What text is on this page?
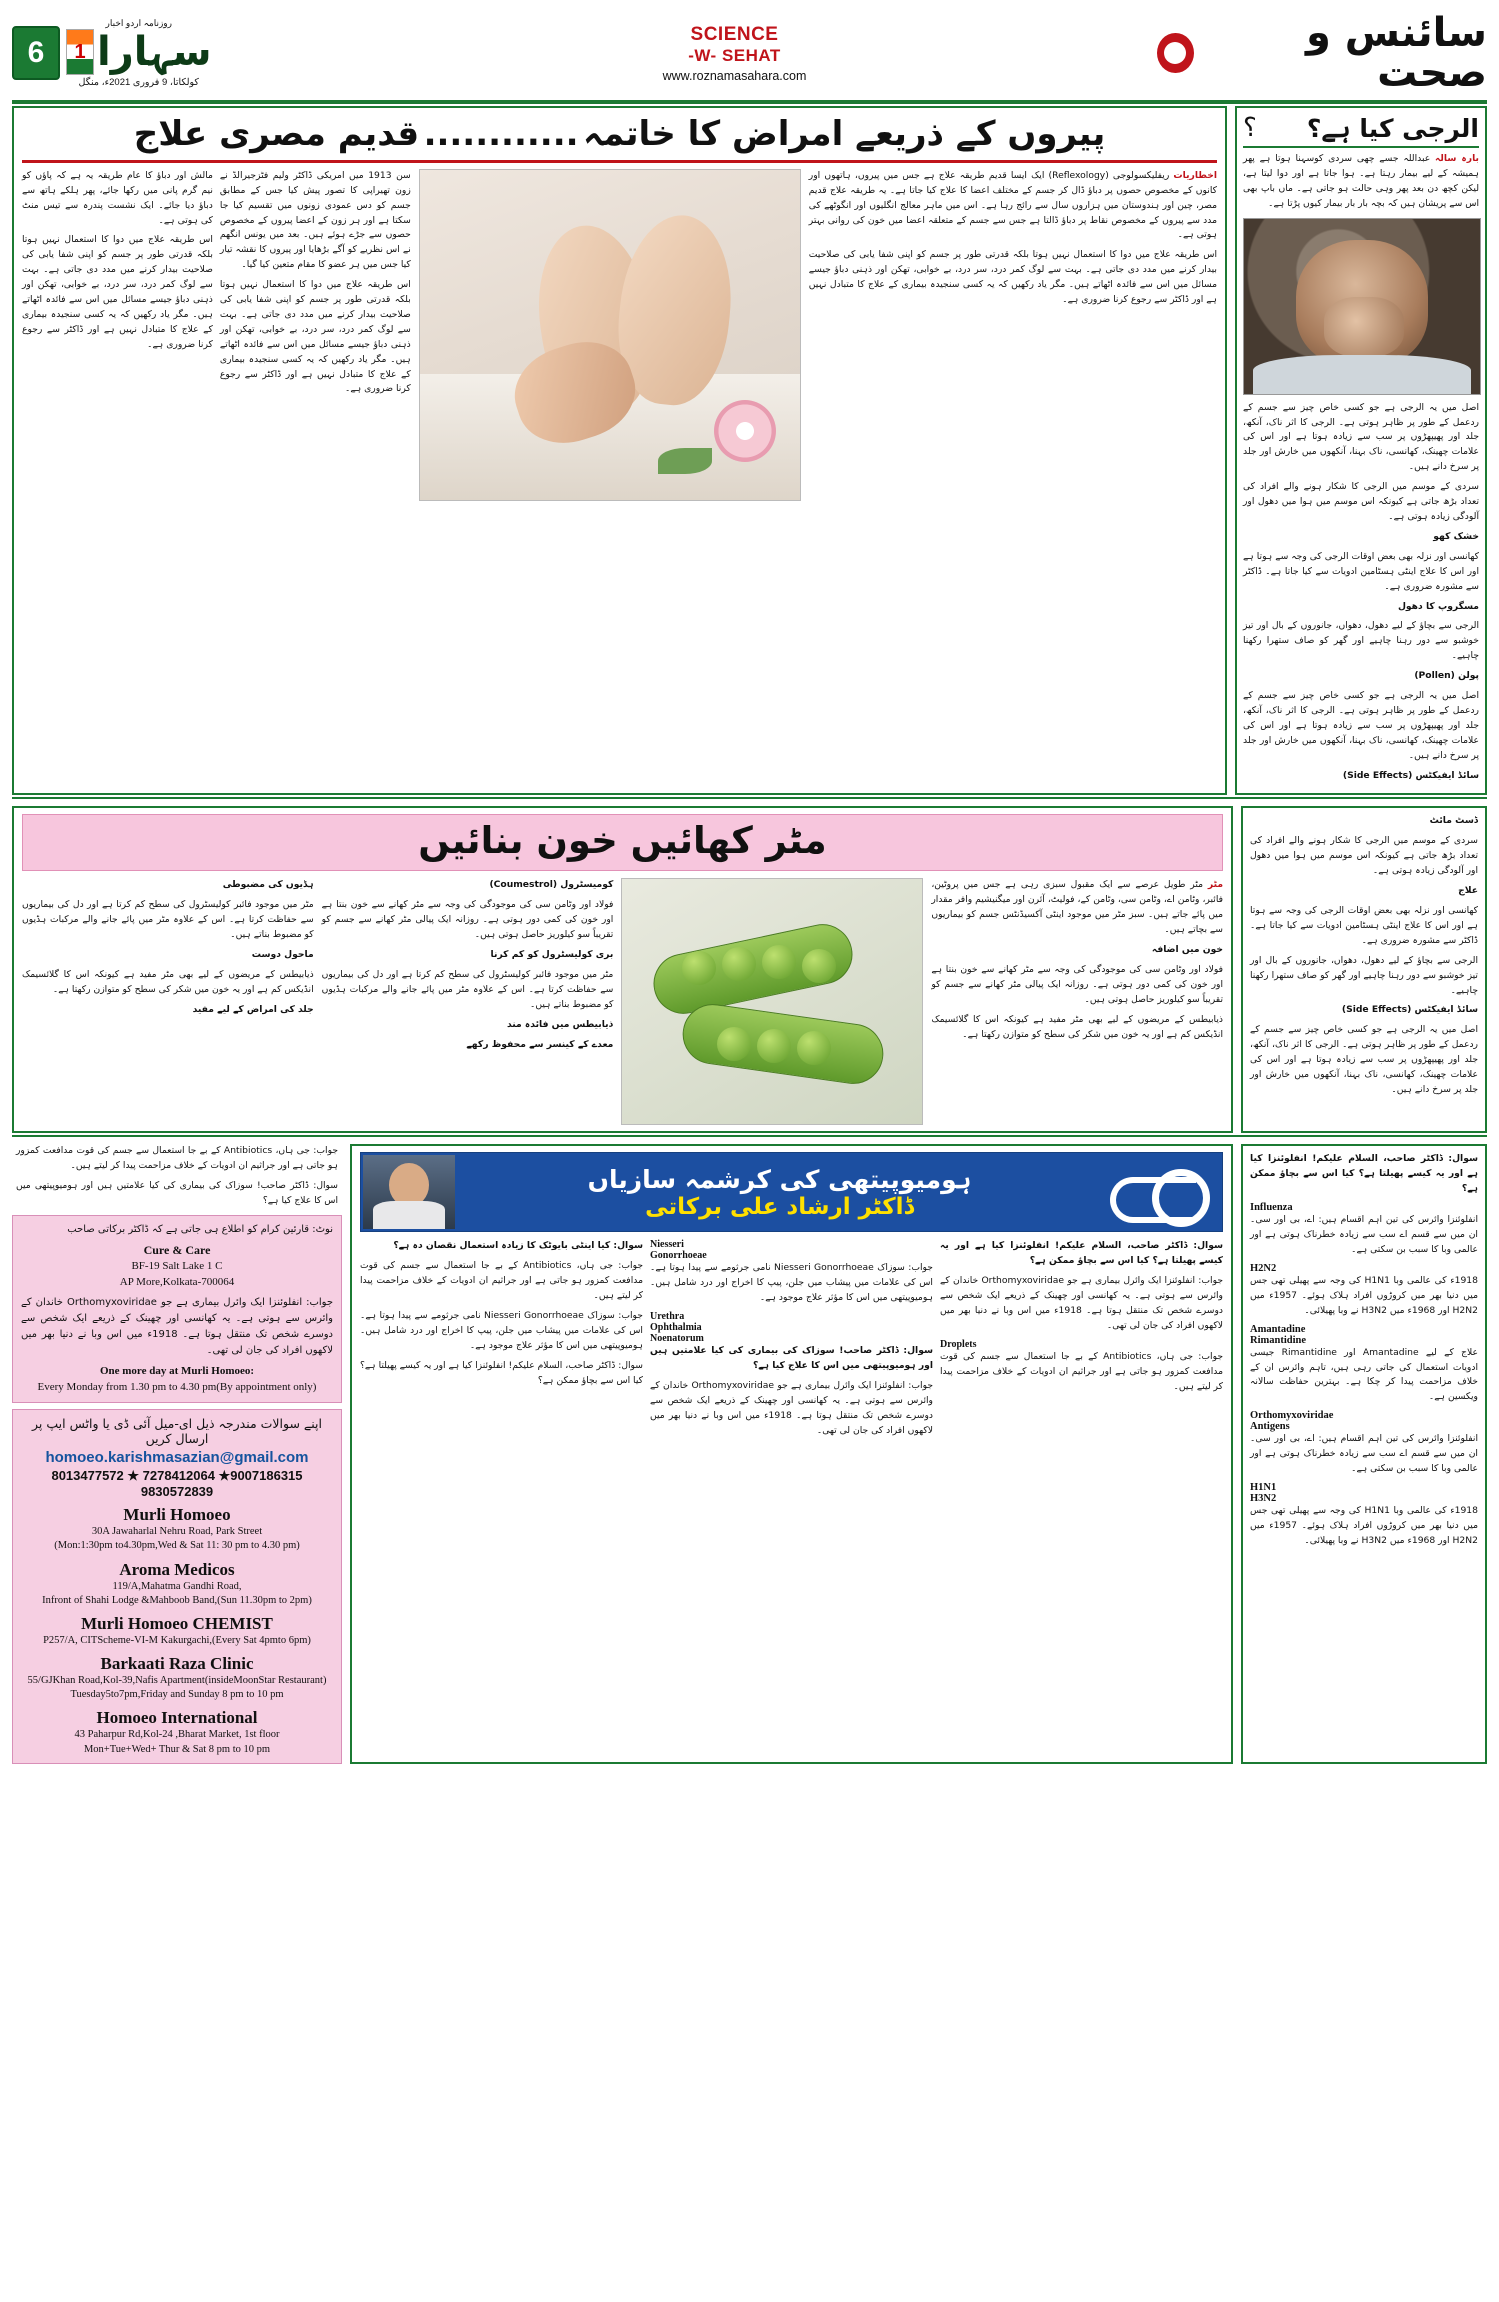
6
روزنامہ اردو اخبار
1 سہارا
کولکاتا، 9 فروری 2021ء، منگل
SCIENCE
-W- SEHAT
www.roznamasahara.com
سائنس و صحت
پیروں کے ذریعے امراض کا خاتمہ ............ قدیم مصری علاج
مالش اور دباؤ کا عام طریقہ یہ ہے کہ پاؤں کو نیم گرم پانی میں رکھا جائے، پھر ہلکے ہاتھ سے دباؤ دیا جائے۔ ایک نشست پندرہ سے تیس منٹ کی ہوتی ہے۔
اس طریقہ علاج میں دوا کا استعمال نہیں ہوتا بلکہ قدرتی طور پر جسم کو اپنی شفا یابی کی صلاحیت بیدار کرنے میں مدد دی جاتی ہے۔ بہت سے لوگ کمر درد، سر درد، بے خوابی، تھکن اور ذہنی دباؤ جیسے مسائل میں اس سے فائدہ اٹھاتے ہیں۔ مگر یاد رکھیں کہ یہ کسی سنجیدہ بیماری کے علاج کا متبادل نہیں ہے اور ڈاکٹر سے رجوع کرنا ضروری ہے۔
سن 1913 میں امریکی ڈاکٹر ولیم فٹزجیرالڈ نے زون تھیراپی کا تصور پیش کیا جس کے مطابق جسم کو دس عمودی زونوں میں تقسیم کیا جا سکتا ہے اور ہر زون کے اعضا پیروں کے مخصوص حصوں سے جڑے ہوئے ہیں۔ بعد میں یونس انگھم نے اس نظریے کو آگے بڑھایا اور پیروں کا نقشہ تیار کیا جس میں ہر عضو کا مقام متعین کیا گیا۔
اس طریقہ علاج میں دوا کا استعمال نہیں ہوتا بلکہ قدرتی طور پر جسم کو اپنی شفا یابی کی صلاحیت بیدار کرنے میں مدد دی جاتی ہے۔ بہت سے لوگ کمر درد، سر درد، بے خوابی، تھکن اور ذہنی دباؤ جیسے مسائل میں اس سے فائدہ اٹھاتے ہیں۔ مگر یاد رکھیں کہ یہ کسی سنجیدہ بیماری کے علاج کا متبادل نہیں ہے اور ڈاکٹر سے رجوع کرنا ضروری ہے۔
اخطاریات ریفلیکسولوجی (Reflexology) ایک ایسا قدیم طریقہ علاج ہے جس میں پیروں، ہاتھوں اور کانوں کے مخصوص حصوں پر دباؤ ڈال کر جسم کے مختلف اعضا کا علاج کیا جاتا ہے۔ یہ طریقہ علاج قدیم مصر، چین اور ہندوستان میں ہزاروں سال سے رائج رہا ہے۔ اس میں ماہر معالج انگلیوں اور انگوٹھے کی مدد سے پیروں کے مخصوص نقاط پر دباؤ ڈالتا ہے جس سے جسم کے متعلقہ اعضا میں خون کی روانی بہتر ہوتی ہے۔
اس طریقہ علاج میں دوا کا استعمال نہیں ہوتا بلکہ قدرتی طور پر جسم کو اپنی شفا یابی کی صلاحیت بیدار کرنے میں مدد دی جاتی ہے۔ بہت سے لوگ کمر درد، سر درد، بے خوابی، تھکن اور ذہنی دباؤ جیسے مسائل میں اس سے فائدہ اٹھاتے ہیں۔ مگر یاد رکھیں کہ یہ کسی سنجیدہ بیماری کے علاج کا متبادل نہیں ہے اور ڈاکٹر سے رجوع کرنا ضروری ہے۔
؟ الرجی کیا ہے؟
بارہ سالہ عبداللہ جسے چھی سردی کوسہنا ہوتا ہے پھر ہمیشہ کے لیے بیمار رہتا ہے۔ ہوا جاتا ہے اور دوا لیتا ہے، لیکن کچھ دن بعد پھر وہی حالت ہو جاتی ہے۔ ماں باپ بھی اس سے پریشان ہیں کہ بچہ بار بار بیمار کیوں پڑتا ہے۔
اصل میں یہ الرجی ہے جو کسی خاص چیز سے جسم کے ردعمل کے طور پر ظاہر ہوتی ہے۔ الرجی کا اثر ناک، آنکھ، جلد اور پھیپھڑوں پر سب سے زیادہ ہوتا ہے اور اس کی علامات چھینک، کھانسی، ناک بہنا، آنکھوں میں خارش اور جلد پر سرخ دانے ہیں۔
سردی کے موسم میں الرجی کا شکار ہونے والے افراد کی تعداد بڑھ جاتی ہے کیونکہ اس موسم میں ہوا میں دھول اور آلودگی زیادہ ہوتی ہے۔
خشک کھو
کھانسی اور نزلہ بھی بعض اوقات الرجی کی وجہ سے ہوتا ہے اور اس کا علاج اینٹی ہسٹامین ادویات سے کیا جاتا ہے۔ ڈاکٹر سے مشورہ ضروری ہے۔
مسگروپ کا دھول
الرجی سے بچاؤ کے لیے دھول، دھواں، جانوروں کے بال اور تیز خوشبو سے دور رہنا چاہیے اور گھر کو صاف ستھرا رکھنا چاہیے۔
پولن (Pollen)
اصل میں یہ الرجی ہے جو کسی خاص چیز سے جسم کے ردعمل کے طور پر ظاہر ہوتی ہے۔ الرجی کا اثر ناک، آنکھ، جلد اور پھیپھڑوں پر سب سے زیادہ ہوتا ہے اور اس کی علامات چھینک، کھانسی، ناک بہنا، آنکھوں میں خارش اور جلد پر سرخ دانے ہیں۔
سائڈ ایفیکٹس (Side Effects)
مٹر کھائیں خون بنائیں
ہڈیوں کی مضبوطی
مٹر میں موجود فائبر کولیسٹرول کی سطح کم کرتا ہے اور دل کی بیماریوں سے حفاظت کرتا ہے۔ اس کے علاوہ مٹر میں پائے جانے والے مرکبات ہڈیوں کو مضبوط بناتے ہیں۔
ماحول دوست
ذیابیطس کے مریضوں کے لیے بھی مٹر مفید ہے کیونکہ اس کا گلائسیمک انڈیکس کم ہے اور یہ خون میں شکر کی سطح کو متوازن رکھتا ہے۔
جلد کی امراض کے لیے مفید
کومیسٹرول (Coumestrol)
فولاد اور وٹامن سی کی موجودگی کی وجہ سے مٹر کھانے سے خون بنتا ہے اور خون کی کمی دور ہوتی ہے۔ روزانہ ایک پیالی مٹر کھانے سے جسم کو تقریباً سو کیلوریز حاصل ہوتی ہیں۔
بری کولیسٹرول کو کم کرنا
مٹر میں موجود فائبر کولیسٹرول کی سطح کم کرتا ہے اور دل کی بیماریوں سے حفاظت کرتا ہے۔ اس کے علاوہ مٹر میں پائے جانے والے مرکبات ہڈیوں کو مضبوط بناتے ہیں۔
ذیابیطس میں فائدہ مند
معدے کے کینسر سے محفوظ رکھے
مٹر مٹر طویل عرصے سے ایک مقبول سبزی رہی ہے جس میں پروٹین، فائبر، وٹامن اے، وٹامن سی، وٹامن کے، فولیٹ، آئرن اور میگنیشیم وافر مقدار میں پائے جاتے ہیں۔ سبز مٹر میں موجود اینٹی آکسیڈنٹس جسم کو بیماریوں سے بچاتے ہیں۔
خون میں اضافہ
فولاد اور وٹامن سی کی موجودگی کی وجہ سے مٹر کھانے سے خون بنتا ہے اور خون کی کمی دور ہوتی ہے۔ روزانہ ایک پیالی مٹر کھانے سے جسم کو تقریباً سو کیلوریز حاصل ہوتی ہیں۔
ذیابیطس کے مریضوں کے لیے بھی مٹر مفید ہے کیونکہ اس کا گلائسیمک انڈیکس کم ہے اور یہ خون میں شکر کی سطح کو متوازن رکھتا ہے۔
ڈسٹ مائٹ
سردی کے موسم میں الرجی کا شکار ہونے والے افراد کی تعداد بڑھ جاتی ہے کیونکہ اس موسم میں ہوا میں دھول اور آلودگی زیادہ ہوتی ہے۔
علاج
کھانسی اور نزلہ بھی بعض اوقات الرجی کی وجہ سے ہوتا ہے اور اس کا علاج اینٹی ہسٹامین ادویات سے کیا جاتا ہے۔ ڈاکٹر سے مشورہ ضروری ہے۔
الرجی سے بچاؤ کے لیے دھول، دھواں، جانوروں کے بال اور تیز خوشبو سے دور رہنا چاہیے اور گھر کو صاف ستھرا رکھنا چاہیے۔
سائڈ ایفیکٹس (Side Effects)
اصل میں یہ الرجی ہے جو کسی خاص چیز سے جسم کے ردعمل کے طور پر ظاہر ہوتی ہے۔ الرجی کا اثر ناک، آنکھ، جلد اور پھیپھڑوں پر سب سے زیادہ ہوتا ہے اور اس کی علامات چھینک، کھانسی، ناک بہنا، آنکھوں میں خارش اور جلد پر سرخ دانے ہیں۔
جواب: جی ہاں، Antibiotics کے بے جا استعمال سے جسم کی قوت مدافعت کمزور ہو جاتی ہے اور جراثیم ان ادویات کے خلاف مزاحمت پیدا کر لیتے ہیں۔
سوال: ڈاکٹر صاحب! سوزاک کی بیماری کی کیا علامتیں ہیں اور ہومیوپیتھی میں اس کا علاج کیا ہے؟
نوٹ: قارئین کرام کو اطلاع ہی جاتی ہے کہ ڈاکٹر برکاتی صاحب
Cure & Care
BF-19 Salt Lake 1 C
AP More,Kolkata-700064
جواب: انفلوئنزا ایک وائرل بیماری ہے جو Orthomyxoviridae خاندان کے وائرس سے ہوتی ہے۔ یہ کھانسی اور چھینک کے ذریعے ایک شخص سے دوسرے شخص تک منتقل ہوتا ہے۔ 1918ء میں اس وبا نے دنیا بھر میں لاکھوں افراد کی جان لی تھی۔
One more day at Murli Homoeo:
Every Monday from 1.30 pm to 4.30 pm(By appointment only)
اپنے سوالات مندرجہ ذیل ای-میل آئی ڈی یا واٹس ایپ پر ارسال کریں
homoeo.karishmasazian@gmail.com
8013477572 ★ 7278412064 ★9007186315 9830572839
Murli Homoeo
30A Jawaharlal Nehru Road, Park Street
(Mon:1:30pm to4.30pm,Wed & Sat 11: 30 pm to 4.30 pm)
Aroma Medicos
119/A,Mahatma Gandhi Road,
Infront of Shahi Lodge &Mahboob Band,(Sun 11.30pm to 2pm)
Murli Homoeo CHEMIST
P257/A, CITScheme-VI-M Kakurgachi,(Every Sat 4pmto 6pm)
Barkaati Raza Clinic
55/GJKhan Road,Kol-39,Nafis Apartment(insideMoonStar Restaurant)
Tuesday5to7pm,Friday and Sunday 8 pm to 10 pm
Homoeo International
43 Paharpur Rd,Kol-24 ,Bharat Market, 1st floor
Mon+Tue+Wed+ Thur & Sat 8 pm to 10 pm
ہومیوپیتھی کی کرشمہ سازیاں
ڈاکٹر ارشاد علی برکاتی
سوال: کیا اینٹی بایوٹک کا زیادہ استعمال نقصان دہ ہے؟
جواب: جی ہاں، Antibiotics کے بے جا استعمال سے جسم کی قوت مدافعت کمزور ہو جاتی ہے اور جراثیم ان ادویات کے خلاف مزاحمت پیدا کر لیتے ہیں۔
جواب: سوزاک Niesseri Gonorrhoeae نامی جرثومے سے پیدا ہوتا ہے۔ اس کی علامات میں پیشاب میں جلن، پیپ کا اخراج اور درد شامل ہیں۔ ہومیوپیتھی میں اس کا مؤثر علاج موجود ہے۔
سوال: ڈاکٹر صاحب، السلام علیکم! انفلوئنزا کیا ہے اور یہ کیسے پھیلتا ہے؟ کیا اس سے بچاؤ ممکن ہے؟
Niesseri
Gonorrhoeae
جواب: سوزاک Niesseri Gonorrhoeae نامی جرثومے سے پیدا ہوتا ہے۔ اس کی علامات میں پیشاب میں جلن، پیپ کا اخراج اور درد شامل ہیں۔ ہومیوپیتھی میں اس کا مؤثر علاج موجود ہے۔
Urethra
Ophthalmia
Noenatorum
سوال: ڈاکٹر صاحب! سوزاک کی بیماری کی کیا علامتیں ہیں اور ہومیوپیتھی میں اس کا علاج کیا ہے؟
جواب: انفلوئنزا ایک وائرل بیماری ہے جو Orthomyxoviridae خاندان کے وائرس سے ہوتی ہے۔ یہ کھانسی اور چھینک کے ذریعے ایک شخص سے دوسرے شخص تک منتقل ہوتا ہے۔ 1918ء میں اس وبا نے دنیا بھر میں لاکھوں افراد کی جان لی تھی۔
سوال: ڈاکٹر صاحب، السلام علیکم! انفلوئنزا کیا ہے اور یہ کیسے پھیلتا ہے؟ کیا اس سے بچاؤ ممکن ہے؟
جواب: انفلوئنزا ایک وائرل بیماری ہے جو Orthomyxoviridae خاندان کے وائرس سے ہوتی ہے۔ یہ کھانسی اور چھینک کے ذریعے ایک شخص سے دوسرے شخص تک منتقل ہوتا ہے۔ 1918ء میں اس وبا نے دنیا بھر میں لاکھوں افراد کی جان لی تھی۔
Droplets
جواب: جی ہاں، Antibiotics کے بے جا استعمال سے جسم کی قوت مدافعت کمزور ہو جاتی ہے اور جراثیم ان ادویات کے خلاف مزاحمت پیدا کر لیتے ہیں۔
سوال: ڈاکٹر صاحب، السلام علیکم! انفلوئنزا کیا ہے اور یہ کیسے پھیلتا ہے؟ کیا اس سے بچاؤ ممکن ہے؟
Influenza
انفلوئنزا وائرس کی تین اہم اقسام ہیں: اے، بی اور سی۔ ان میں سے قسم اے سب سے زیادہ خطرناک ہوتی ہے اور عالمی وبا کا سبب بن سکتی ہے۔
H2N2
1918ء کی عالمی وبا H1N1 کی وجہ سے پھیلی تھی جس میں دنیا بھر میں کروڑوں افراد ہلاک ہوئے۔ 1957ء میں H2N2 اور 1968ء میں H3N2 نے وبا پھیلائی۔
Amantadine
Rimantidine
علاج کے لیے Amantadine اور Rimantidine جیسی ادویات استعمال کی جاتی رہی ہیں، تاہم وائرس ان کے خلاف مزاحمت پیدا کر چکا ہے۔ بہترین حفاظت سالانہ ویکسین ہے۔
Orthomyxoviridae
Antigens
انفلوئنزا وائرس کی تین اہم اقسام ہیں: اے، بی اور سی۔ ان میں سے قسم اے سب سے زیادہ خطرناک ہوتی ہے اور عالمی وبا کا سبب بن سکتی ہے۔
H1N1
H3N2
1918ء کی عالمی وبا H1N1 کی وجہ سے پھیلی تھی جس میں دنیا بھر میں کروڑوں افراد ہلاک ہوئے۔ 1957ء میں H2N2 اور 1968ء میں H3N2 نے وبا پھیلائی۔
